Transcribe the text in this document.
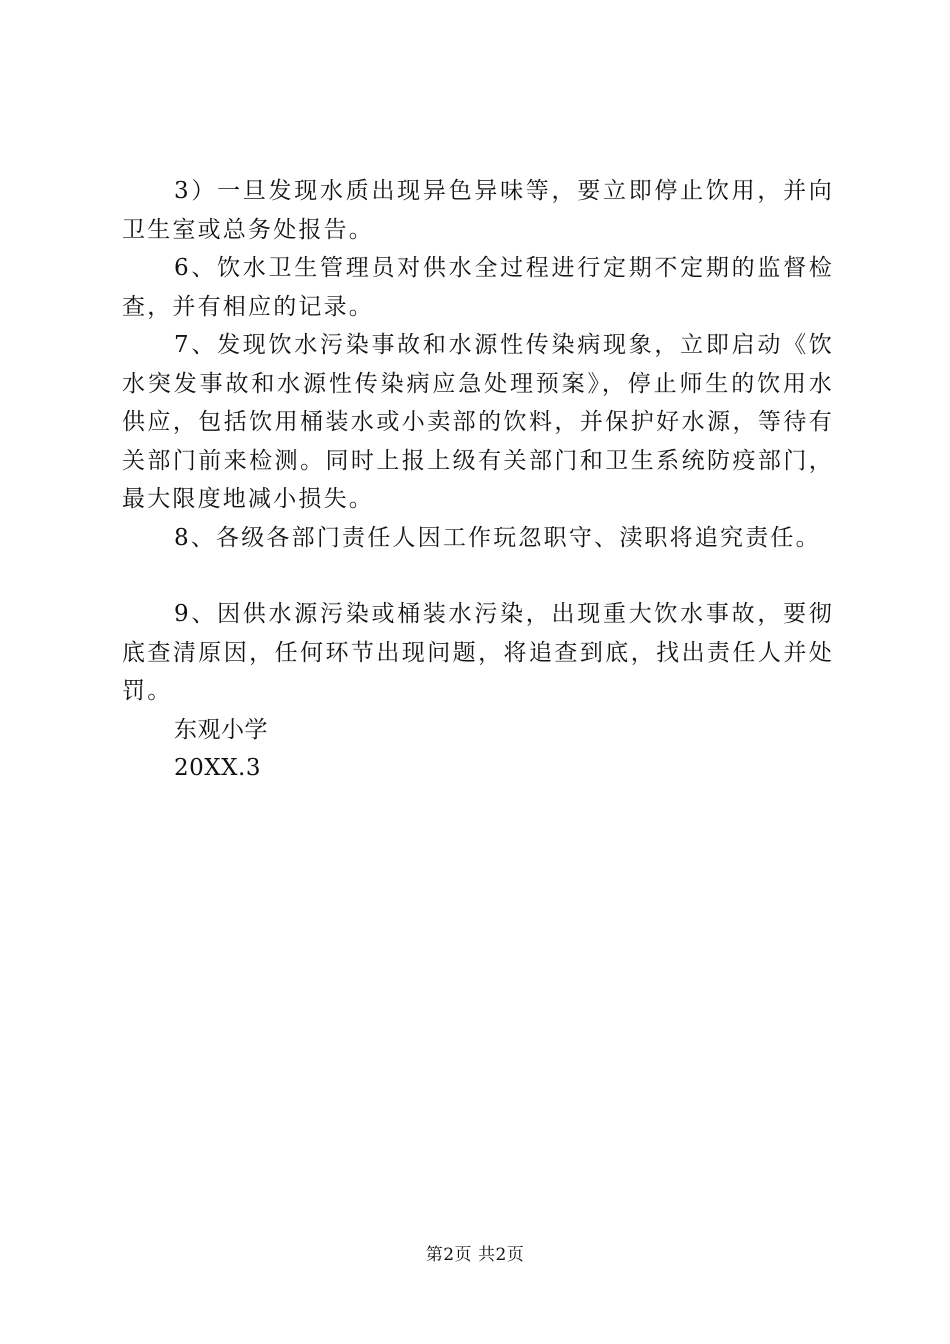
3）一旦发现水质出现异色异味等，要立即停止饮用，并向卫生室或总务处报告。

6、饮水卫生管理员对供水全过程进行定期不定期的监督检查，并有相应的记录。

7、发现饮水污染事故和水源性传染病现象，立即启动《饮水突发事故和水源性传染病应急处理预案》，停止师生的饮用水供应，包括饮用桶装水或小卖部的饮料，并保护好水源，等待有关部门前来检测。同时上报上级有关部门和卫生系统防疫部门，最大限度地减小损失。

8、各级各部门责任人因工作玩忽职守、渎职将追究责任。

9、因供水源污染或桶装水污染，出现重大饮水事故，要彻底查清原因，任何环节出现问题，将追查到底，找出责任人并处罚。

东观小学

20XX.3

第2页 共2页
